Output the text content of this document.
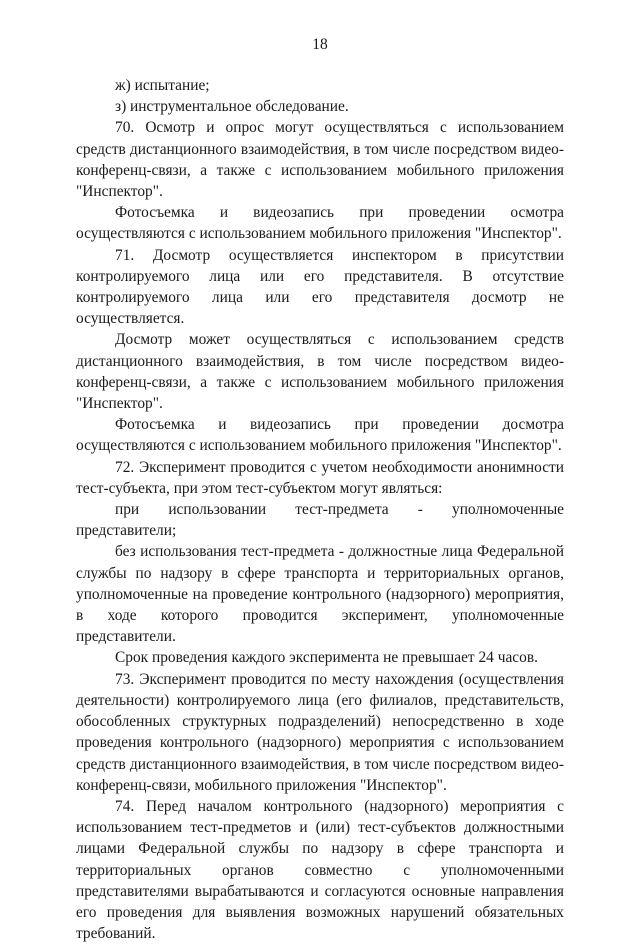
18

ж) испытание;

з) инструментальное обследование.

70. Осмотр и опрос могут осуществляться с использованием средств дистанционного взаимодействия, в том числе посредством видео-конференц-связи, а также с использованием мобильного приложения "Инспектор".

Фотосъемка и видеозапись при проведении осмотра осуществляются с использованием мобильного приложения "Инспектор".

71. Досмотр осуществляется инспектором в присутствии контролируемого лица или его представителя. В отсутствие контролируемого лица или его представителя досмотр не осуществляется.

Досмотр может осуществляться с использованием средств дистанционного взаимодействия, в том числе посредством видео-конференц-связи, а также с использованием мобильного приложения "Инспектор".

Фотосъемка и видеозапись при проведении досмотра осуществляются с использованием мобильного приложения "Инспектор".

72. Эксперимент проводится с учетом необходимости анонимности тест-субъекта, при этом тест-субъектом могут являться:

при использовании тест-предмета - уполномоченные представители;

без использования тест-предмета - должностные лица Федеральной службы по надзору в сфере транспорта и территориальных органов, уполномоченные на проведение контрольного (надзорного) мероприятия, в ходе которого проводится эксперимент, уполномоченные представители.

Срок проведения каждого эксперимента не превышает 24 часов.

73. Эксперимент проводится по месту нахождения (осуществления деятельности) контролируемого лица (его филиалов, представительств, обособленных структурных подразделений) непосредственно в ходе проведения контрольного (надзорного) мероприятия с использованием средств дистанционного взаимодействия, в том числе посредством видео-конференц-связи, мобильного приложения "Инспектор".

74. Перед началом контрольного (надзорного) мероприятия с использованием тест-предметов и (или) тест-субъектов должностными лицами Федеральной службы по надзору в сфере транспорта и территориальных органов совместно с уполномоченными представителями вырабатываются и согласуются основные направления его проведения для выявления возможных нарушений обязательных требований.
